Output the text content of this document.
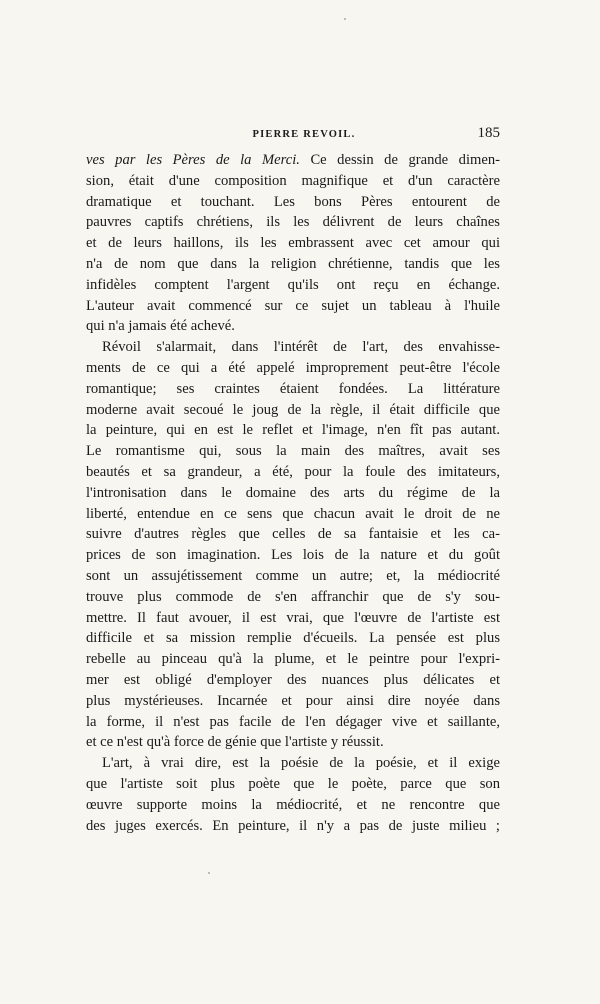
PIERRE REVOIL.	185
ves par les Pères de la Merci. Ce dessin de grande dimen-
sion, était d'une composition magnifique et d'un caractère
dramatique et touchant. Les bons Pères entourent de
pauvres captifs chrétiens, ils les délivrent de leurs chaînes
et de leurs haillons, ils les embrassent avec cet amour qui
n'a de nom que dans la religion chrétienne, tandis que les
infidèles comptent l'argent qu'ils ont reçu en échange.
L'auteur avait commencé sur ce sujet un tableau à l'huile
qui n'a jamais été achevé.
Révoil s'alarmait, dans l'intérêt de l'art, des envahisse-
ments de ce qui a été appelé improprement peut-être l'école
romantique; ses craintes étaient fondées. La littérature
moderne avait secoué le joug de la règle, il était difficile que
la peinture, qui en est le reflet et l'image, n'en fît pas autant.
Le romantisme qui, sous la main des maîtres, avait ses
beautés et sa grandeur, a été, pour la foule des imitateurs,
l'intronisation dans le domaine des arts du régime de la
liberté, entendue en ce sens que chacun avait le droit de ne
suivre d'autres règles que celles de sa fantaisie et les ca-
prices de son imagination. Les lois de la nature et du goût
sont un assujétissement comme un autre; et, la médiocrité
trouve plus commode de s'en affranchir que de s'y sou-
mettre. Il faut avouer, il est vrai, que l'œuvre de l'artiste est
difficile et sa mission remplie d'écueils. La pensée est plus
rebelle au pinceau qu'à la plume, et le peintre pour l'expri-
mer est obligé d'employer des nuances plus délicates et
plus mystérieuses. Incarnée et pour ainsi dire noyée dans
la forme, il n'est pas facile de l'en dégager vive et saillante,
et ce n'est qu'à force de génie que l'artiste y réussit.
L'art, à vrai dire, est la poésie de la poésie, et il exige
que l'artiste soit plus poète que le poète, parce que son
œuvre supporte moins la médiocrité, et ne rencontre que
des juges exercés. En peinture, il n'y a pas de juste milieu ;
